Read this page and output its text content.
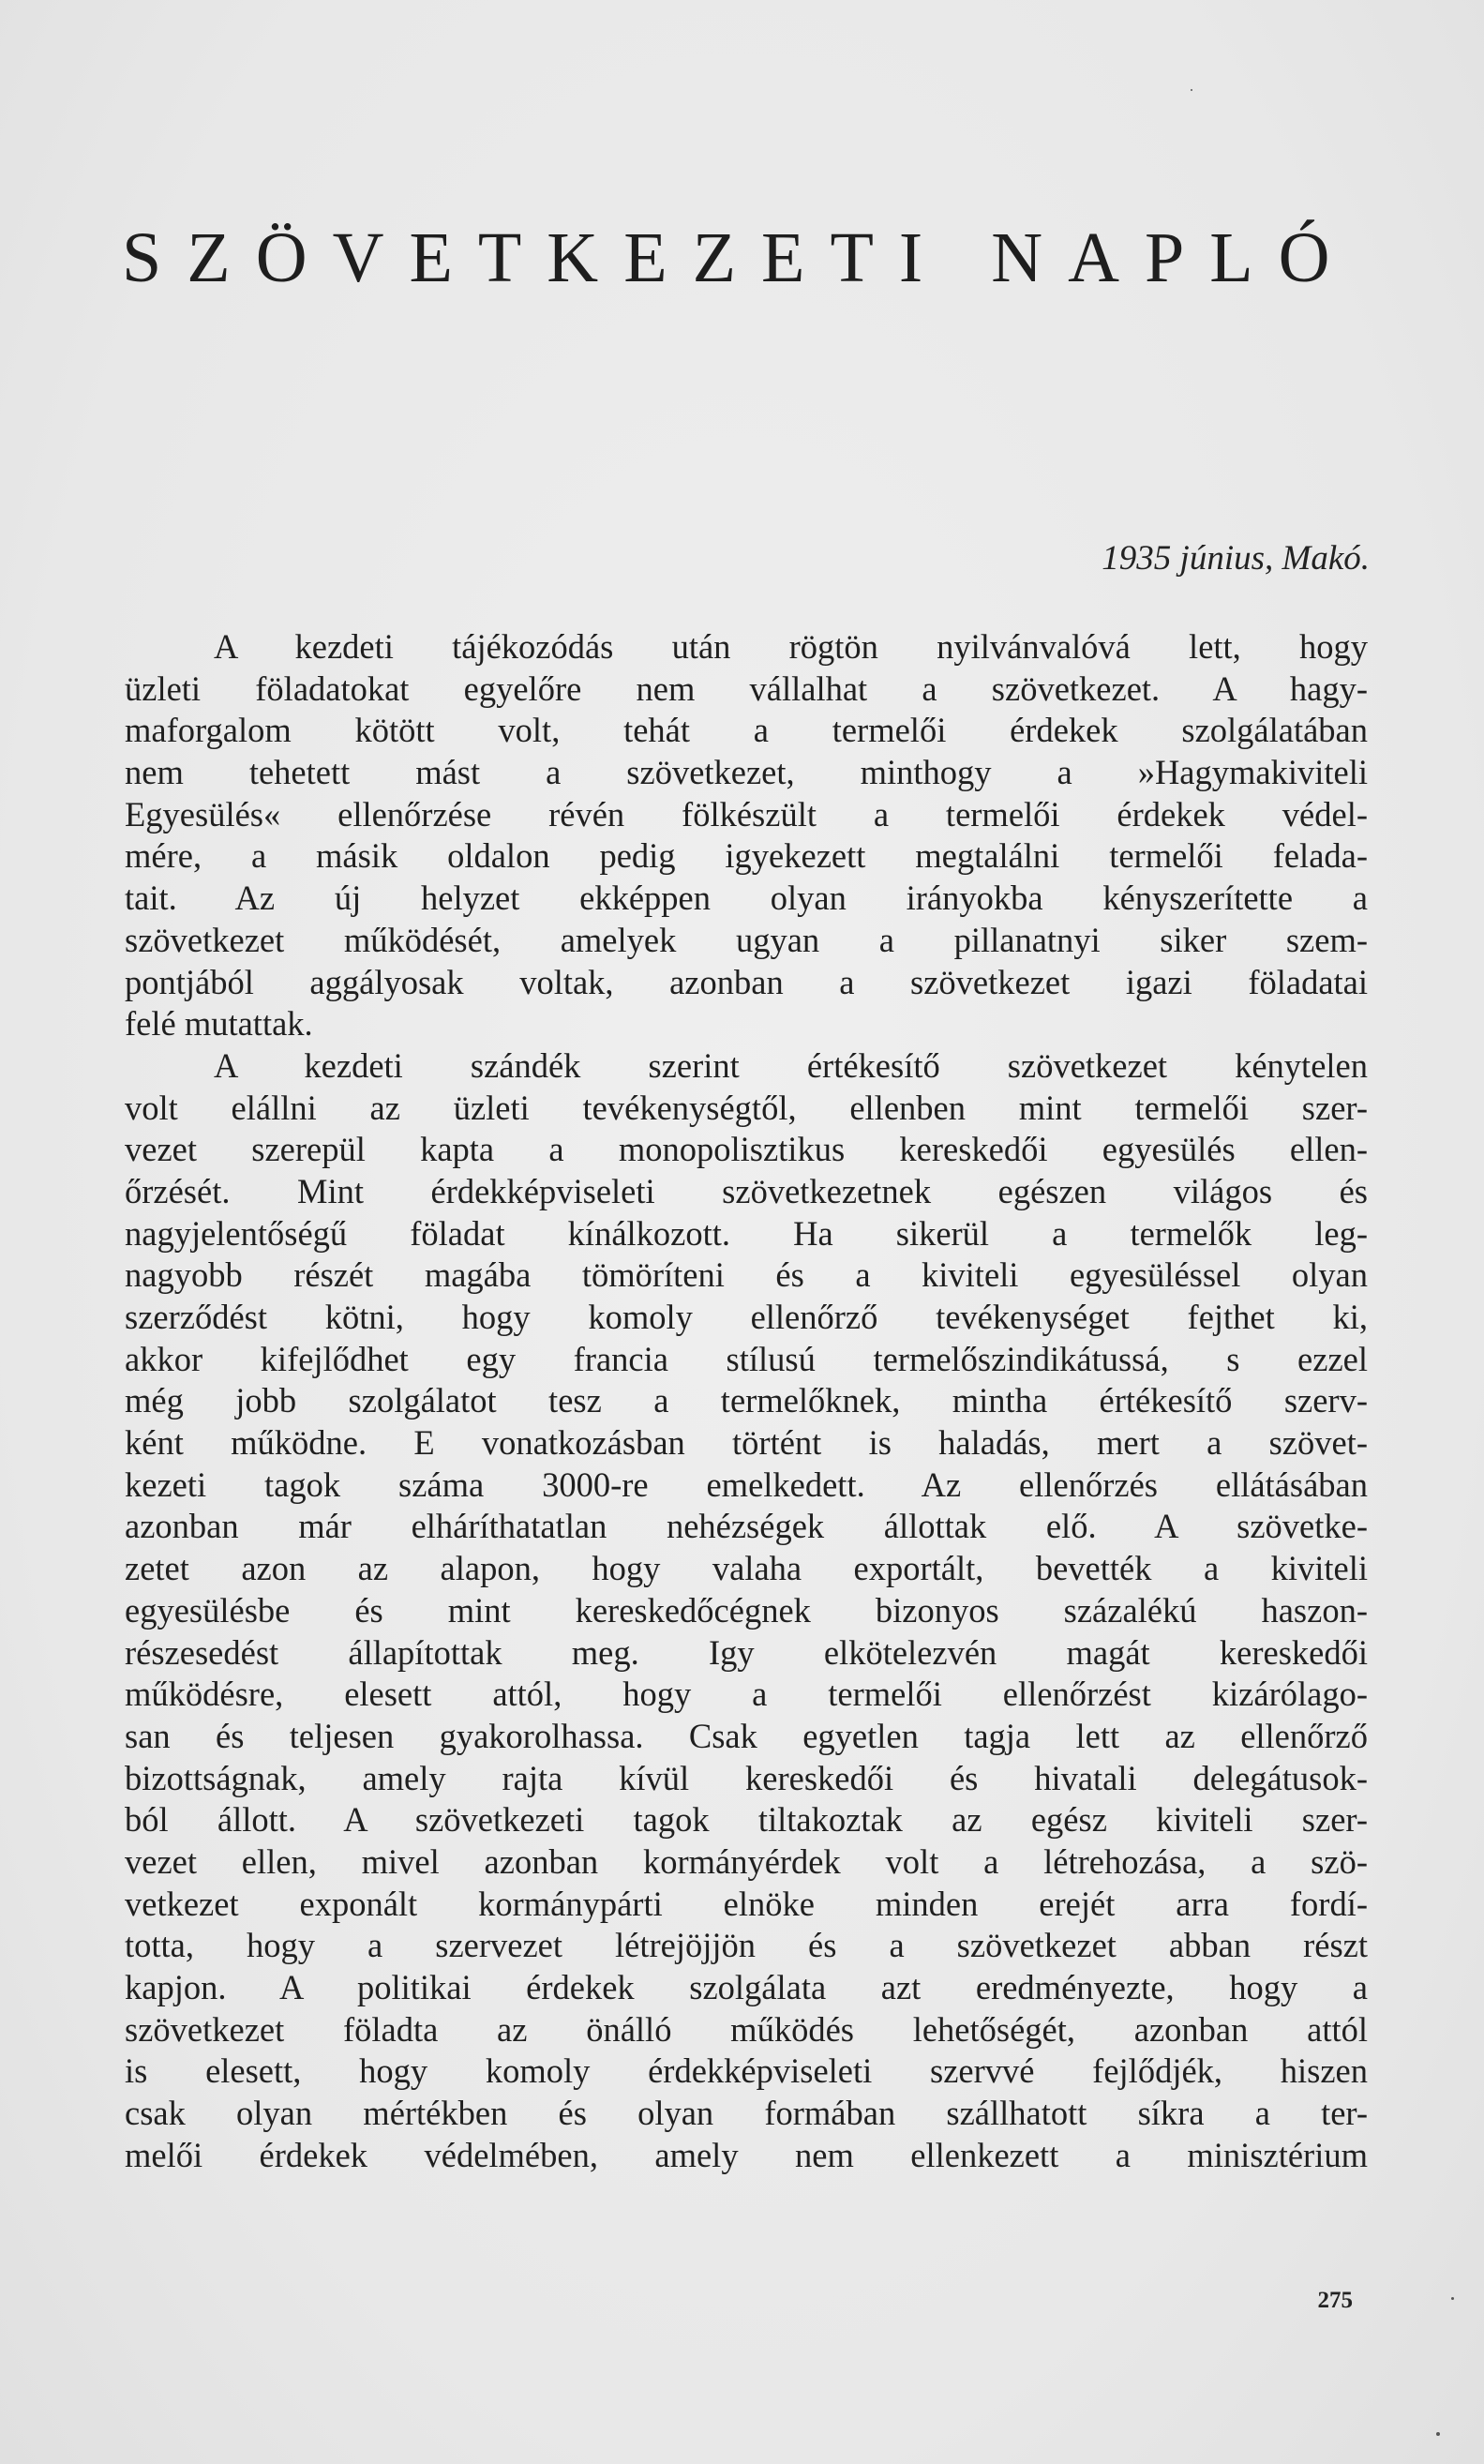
SZÖVETKEZETI NAPLÓ
1935 június, Makó.
A kezdeti tájékozódás után rögtön nyilvánvalóvá lett, hogy
üzleti föladatokat egyelőre nem vállalhat a szövetkezet. A hagy-
maforgalom kötött volt, tehát a termelői érdekek szolgálatában
nem tehetett mást a szövetkezet, minthogy a »Hagymakiviteli
Egyesülés« ellenőrzése révén fölkészült a termelői érdekek védel-
mére, a másik oldalon pedig igyekezett megtalálni termelői felada-
tait. Az új helyzet ekképpen olyan irányokba kényszerítette a
szövetkezet működését, amelyek ugyan a pillanatnyi siker szem-
pontjából aggályosak voltak, azonban a szövetkezet igazi föladatai
felé mutattak.
A kezdeti szándék szerint értékesítő szövetkezet kénytelen
volt elállni az üzleti tevékenységtől, ellenben mint termelői szer-
vezet szerepül kapta a monopolisztikus kereskedői egyesülés ellen-
őrzését. Mint érdekképviseleti szövetkezetnek egészen világos és
nagyjelentőségű föladat kínálkozott. Ha sikerül a termelők leg-
nagyobb részét magába tömöríteni és a kiviteli egyesüléssel olyan
szerződést kötni, hogy komoly ellenőrző tevékenységet fejthet ki,
akkor kifejlődhet egy francia stílusú termelőszindikátussá, s ezzel
még jobb szolgálatot tesz a termelőknek, mintha értékesítő szerv-
ként működne. E vonatkozásban történt is haladás, mert a szövet-
kezeti tagok száma 3000-re emelkedett. Az ellenőrzés ellátásában
azonban már elháríthatatlan nehézségek állottak elő. A szövetke-
zetet azon az alapon, hogy valaha exportált, bevették a kiviteli
egyesülésbe és mint kereskedőcégnek bizonyos százalékú haszon-
részesedést állapítottak meg. Igy elkötelezvén magát kereskedői
működésre, elesett attól, hogy a termelői ellenőrzést kizárólago-
san és teljesen gyakorolhassa. Csak egyetlen tagja lett az ellenőrző
bizottságnak, amely rajta kívül kereskedői és hivatali delegátusok-
ból állott. A szövetkezeti tagok tiltakoztak az egész kiviteli szer-
vezet ellen, mivel azonban kormányérdek volt a létrehozása, a szö-
vetkezet exponált kormánypárti elnöke minden erejét arra fordí-
totta, hogy a szervezet létrejöjjön és a szövetkezet abban részt
kapjon. A politikai érdekek szolgálata azt eredményezte, hogy a
szövetkezet föladta az önálló működés lehetőségét, azonban attól
is elesett, hogy komoly érdekképviseleti szervvé fejlődjék, hiszen
csak olyan mértékben és olyan formában szállhatott síkra a ter-
melői érdekek védelmében, amely nem ellenkezett a minisztérium
275
